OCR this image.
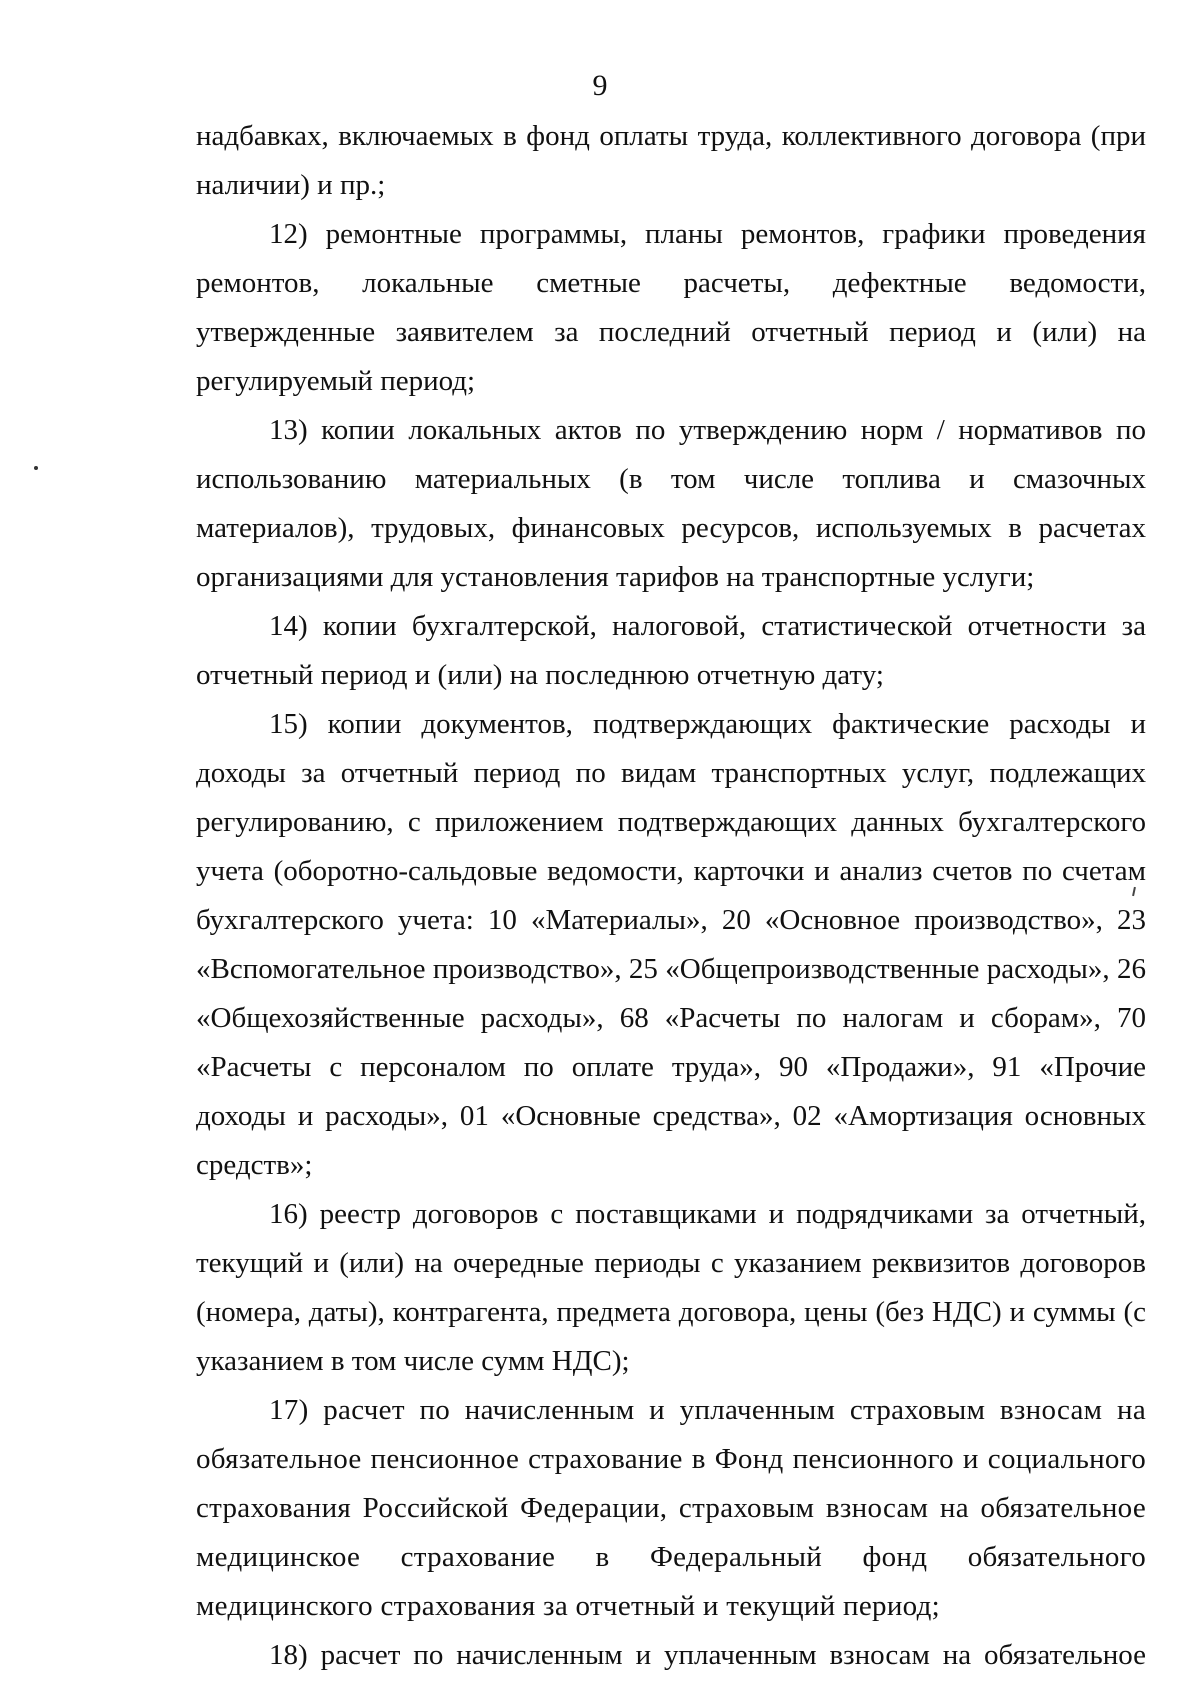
9

надбавках, включаемых в фонд оплаты труда, коллективного договора (при наличии) и пр.;

12) ремонтные программы, планы ремонтов, графики проведения ремонтов, локальные сметные расчеты, дефектные ведомости, утвержденные заявителем за последний отчетный период и (или) на регулируемый период;

13) копии локальных актов по утверждению норм / нормативов по использованию материальных (в том числе топлива и смазочных материалов), трудовых, финансовых ресурсов, используемых в расчетах организациями для установления тарифов на транспортные услуги;

14) копии бухгалтерской, налоговой, статистической отчетности за отчетный период и (или) на последнюю отчетную дату;

15) копии документов, подтверждающих фактические расходы и доходы за отчетный период по видам транспортных услуг, подлежащих регулированию, с приложением подтверждающих данных бухгалтерского учета (оборотно-сальдовые ведомости, карточки и анализ счетов по счетам бухгалтерского учета: 10 «Материалы», 20 «Основное производство», 23 «Вспомогательное производство», 25 «Общепроизводственные расходы», 26 «Общехозяйственные расходы», 68 «Расчеты по налогам и сборам», 70 «Расчеты с персоналом по оплате труда», 90 «Продажи», 91 «Прочие доходы и расходы», 01 «Основные средства», 02 «Амортизация основных средств»;

16) реестр договоров с поставщиками и подрядчиками за отчетный, текущий и (или) на очередные периоды с указанием реквизитов договоров (номера, даты), контрагента, предмета договора, цены (без НДС) и суммы (с указанием в том числе сумм НДС);

17) расчет по начисленным и уплаченным страховым взносам на обязательное пенсионное страхование в Фонд пенсионного и социального страхования Российской Федерации, страховым взносам на обязательное медицинское страхование в Федеральный фонд обязательного медицинского страхования за отчетный и текущий период;

18) расчет по начисленным и уплаченным взносам на обязательное
